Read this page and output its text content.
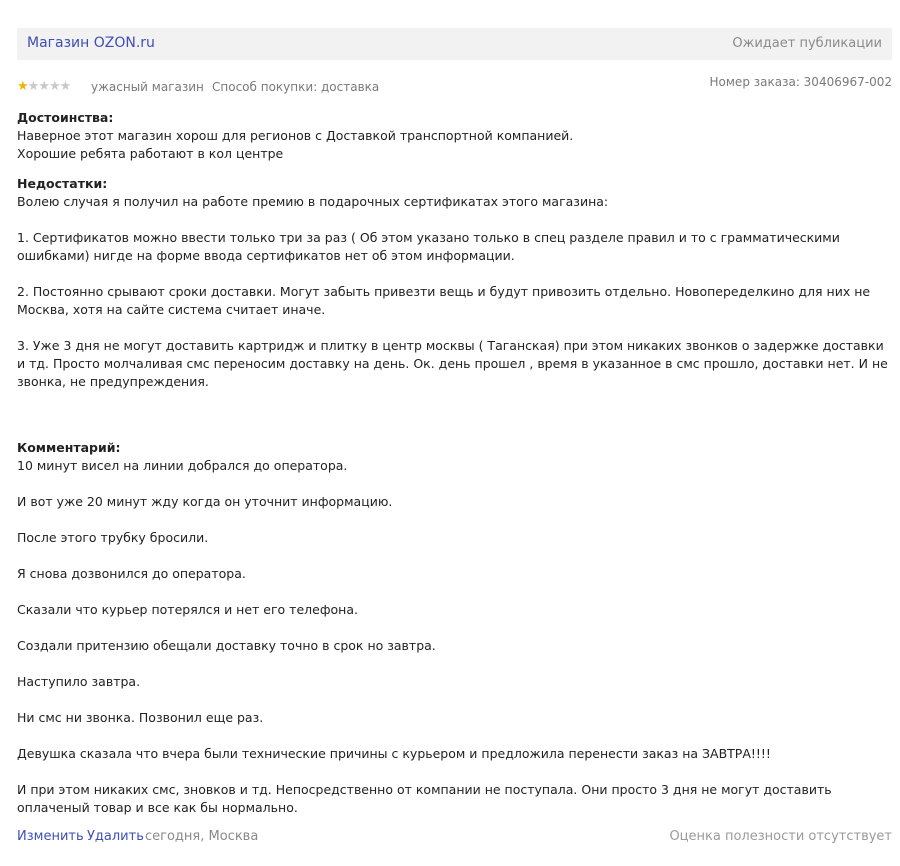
Магазин OZON.ru	Ожидает публикации
★★★★★ ужасный магазин Способ покупки: доставка	Номер заказа: 30406967-002
Достоинства:

Наверное этот магазин хорош для регионов с Доставкой транспортной компанией.

Хорошие ребята работают в кол центре

Недостатки:

Волею случая я получил на работе премию в подарочных сертификатах этого магазина:

1. Сертификатов можно ввести только три за раз ( Об этом указано только в спец разделе правил и то с грамматическими ошибками) нигде на форме ввода сертификатов нет об этом информации.

2. Постоянно срывают сроки доставки. Могут забыть привезти вещь и будут привозить отдельно. Новопеределкино для них не Москва, хотя на сайте система считает иначе.

3. Уже 3 дня не могут доставить картридж и плитку в центр москвы ( Таганская) при этом никаких звонков о задержке доставки и тд. Просто молчаливая смс переносим доставку на день. Ок. день прошел , время в указанное в смс прошло, доставки нет. И не звонка, не предупреждения.

Комментарий:

10 минут висел на линии добрался до оператора.

И вот уже 20 минут жду когда он уточнит информацию.

После этого трубку бросили.

Я снова дозвонился до оператора.

Сказали что курьер потерялся и нет его телефона.

Создали притензию обещали доставку точно в срок но завтра.

Наступило завтра.

Ни смс ни звонка. Позвонил еще раз.

Девушка сказала что вчера были технические причины с курьером и предложила перенести заказ на ЗАВТРА!!!!

И при этом никаких смс, зновков и тд. Непосредственно от компании не поступала. Они просто 3 дня не могут доставить оплаченый товар и все как бы нормально.

Изменить Удалить сегодня, Москва	Оценка полезности отсутствует
